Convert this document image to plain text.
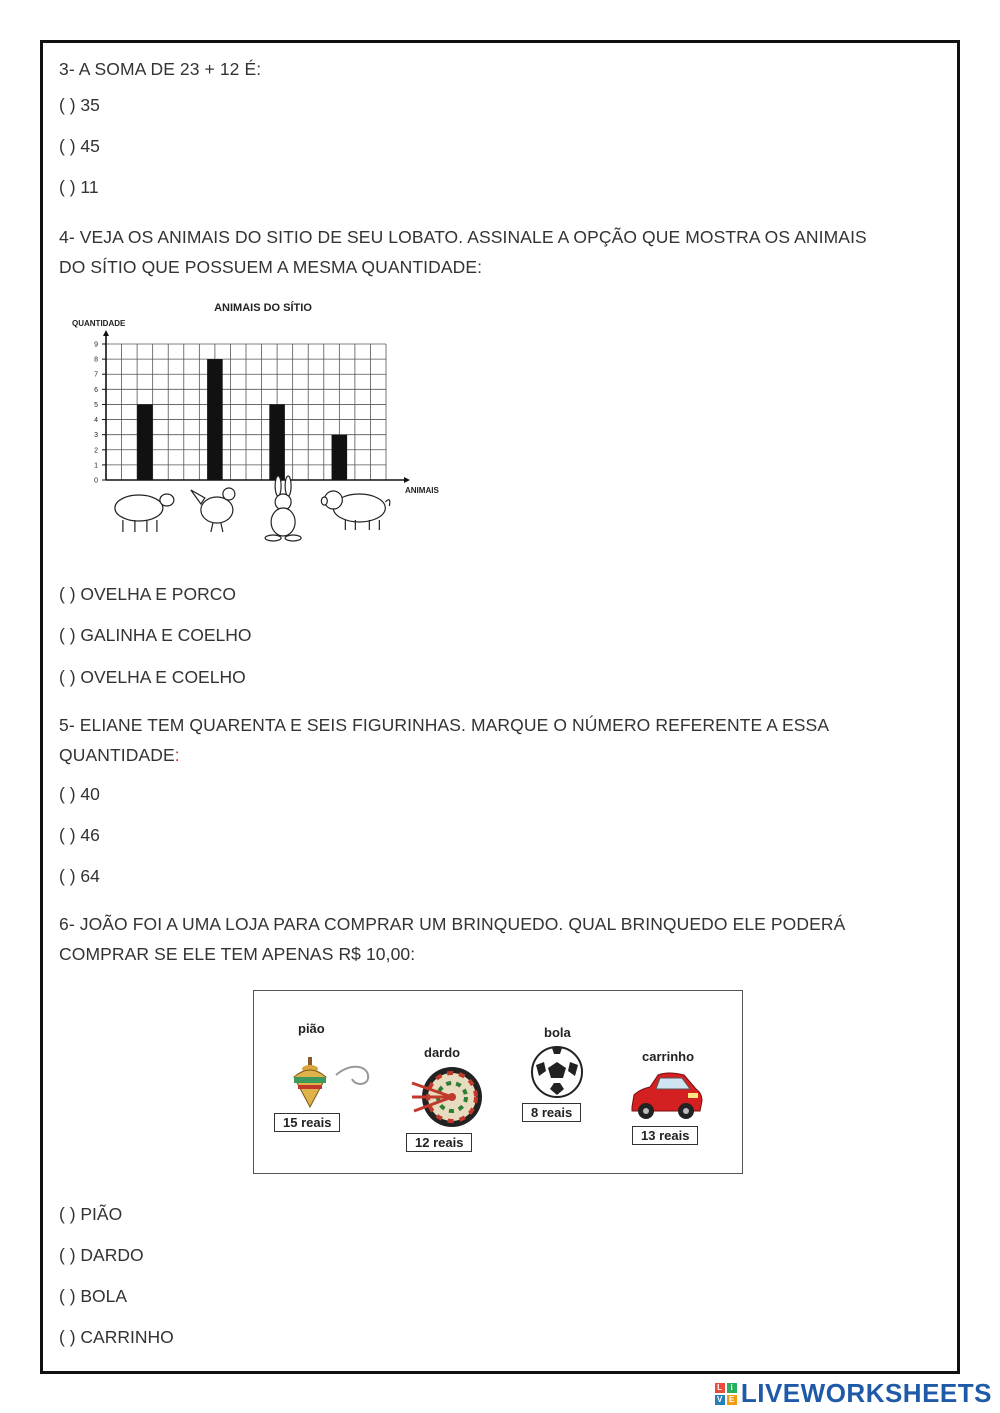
3- A SOMA DE 23 + 12 É:
( ) 35
( ) 45
( ) 11
4- VEJA OS ANIMAIS DO SITIO DE SEU LOBATO. ASSINALE A OPÇÃO QUE MOSTRA OS ANIMAIS
DO SÍTIO QUE POSSUEM A MESMA QUANTIDADE:
ANIMAIS DO SÍTIO
QUANTIDADE
ANIMAIS
0
1
2
3
4
5
6
7
8
9
( ) OVELHA E PORCO
( ) GALINHA E COELHO
( ) OVELHA E COELHO
5- ELIANE TEM QUARENTA E SEIS FIGURINHAS. MARQUE O NÚMERO REFERENTE A ESSA
QUANTIDADE:
( ) 40
( ) 46
( ) 64
6- JOÃO FOI A UMA LOJA PARA COMPRAR UM BRINQUEDO. QUAL BRINQUEDO ELE PODERÁ
COMPRAR SE ELE TEM APENAS R$ 10,00:
pião
15 reais
dardo
12 reais
bola
8 reais
carrinho
13 reais
( ) PIÃO
( ) DARDO
( ) BOLA
( ) CARRINHO
L i
V E LIVEWORKSHEETS
